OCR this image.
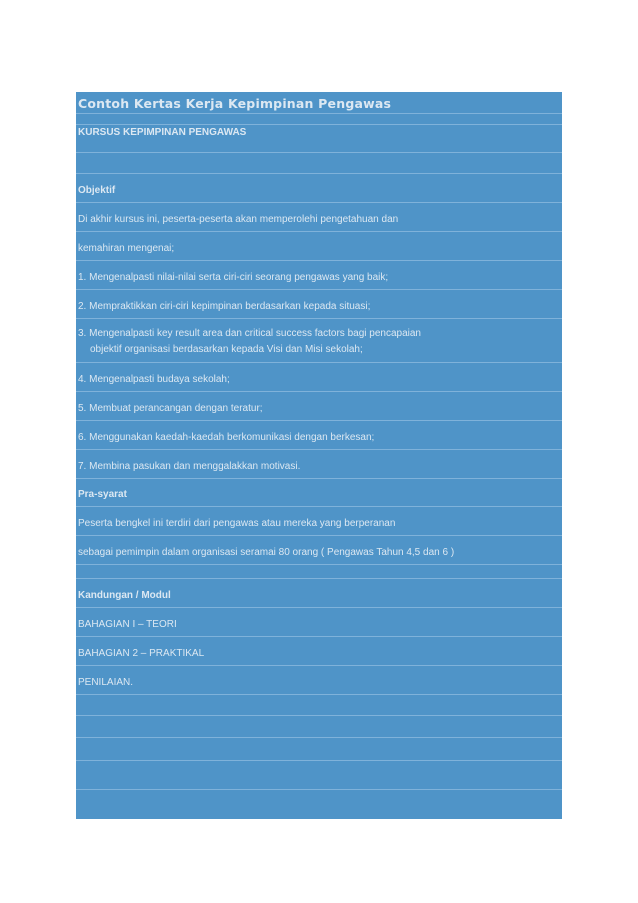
Contoh Kertas Kerja Kepimpinan Pengawas
KURSUS KEPIMPINAN PENGAWAS
Objektif
Di akhir kursus ini, peserta-peserta akan memperolehi pengetahuan dan
kemahiran mengenai;
1. Mengenalpasti nilai-nilai serta ciri-ciri seorang pengawas yang baik;
2. Mempraktikkan ciri-ciri kepimpinan berdasarkan kepada situasi;
3. Mengenalpasti key result area dan critical success factors bagi pencapaian
objektif organisasi berdasarkan kepada Visi dan Misi sekolah;
4. Mengenalpasti budaya sekolah;
5. Membuat perancangan dengan teratur;
6. Menggunakan kaedah-kaedah berkomunikasi dengan berkesan;
7. Membina pasukan dan menggalakkan motivasi.
Pra-syarat
Peserta bengkel ini terdiri dari pengawas atau mereka yang berperanan
sebagai pemimpin dalam organisasi seramai 80 orang ( Pengawas Tahun 4,5 dan 6 )
Kandungan / Modul
BAHAGIAN I – TEORI
BAHAGIAN 2 – PRAKTIKAL
PENILAIAN.
